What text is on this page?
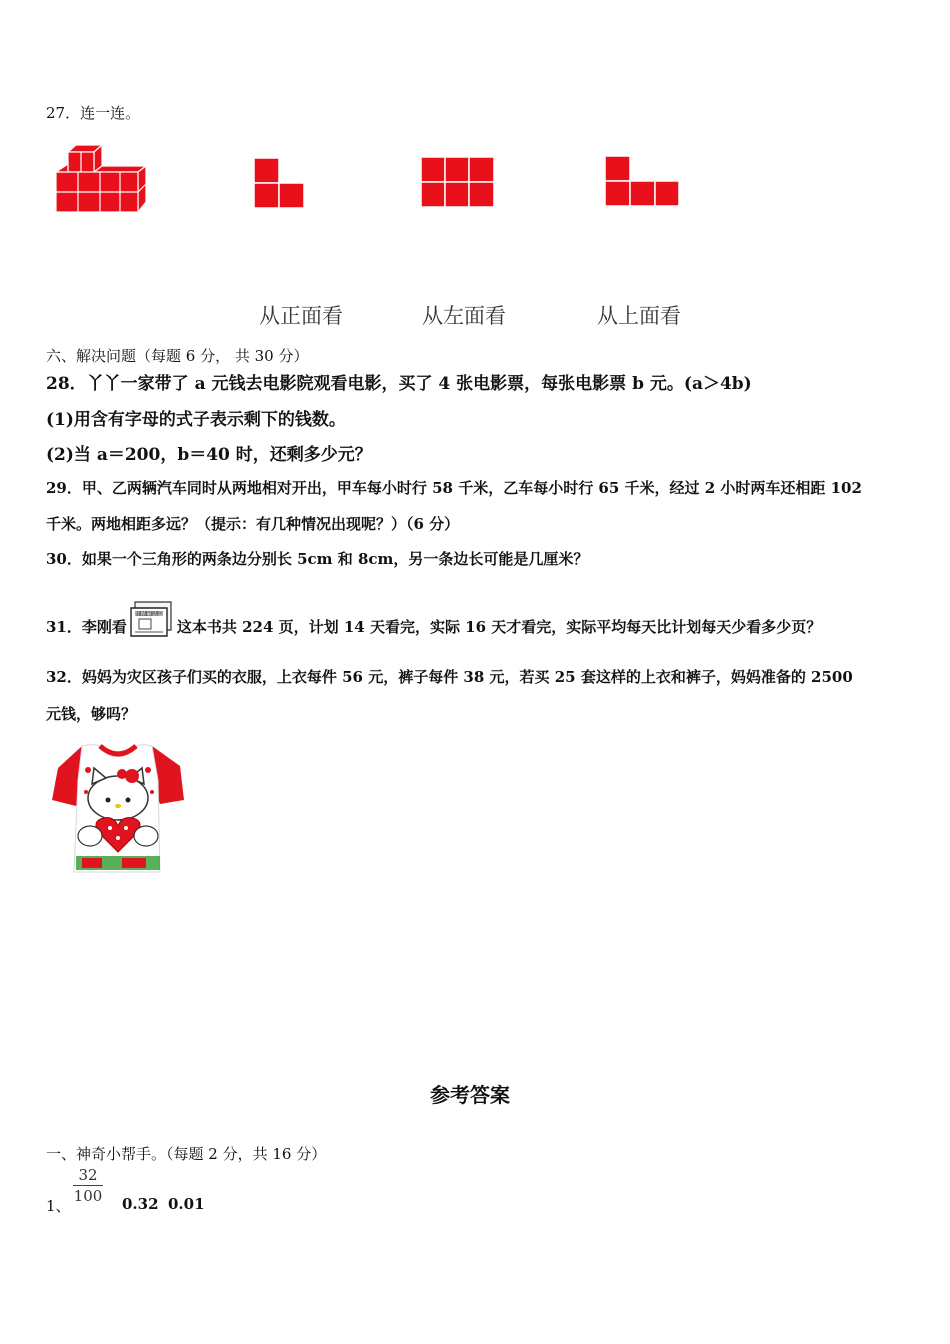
27．连一连。
从正面看	从左面看	从上面看
六、解决问题（每题 6 分， 共 30 分）
28．丫丫一家带了 a 元钱去电影院观看电影，买了 4 张电影票，每张电影票 b 元。(a＞4b)
(1)用含有字母的式子表示剩下的钱数。
(2)当 a＝200，b＝40 时，还剩多少元？
29．甲、乙两辆汽车同时从两地相对开出，甲车每小时行 58 千米，乙车每小时行 65 千米，经过 2 小时两车还相距 102
千米。两地相距多远？（提示：有几种情况出现呢？）（6 分）
30．如果一个三角形的两条边分别长 5cm 和 8cm，另一条边长可能是几厘米？
31．李刚看
世界童话篇
这本书共 224 页，计划 14 天看完，实际 16 天才看完，实际平均每天比计划每天少看多少页？
32．妈妈为灾区孩子们买的衣服，上衣每件 56 元，裤子每件 38 元，若买 25 套这样的上衣和裤子，妈妈准备的 2500
元钱，够吗？
参考答案
一、神奇小帮手。（每题 2 分，共 16 分）
1、
32
100 0.32 0.01
